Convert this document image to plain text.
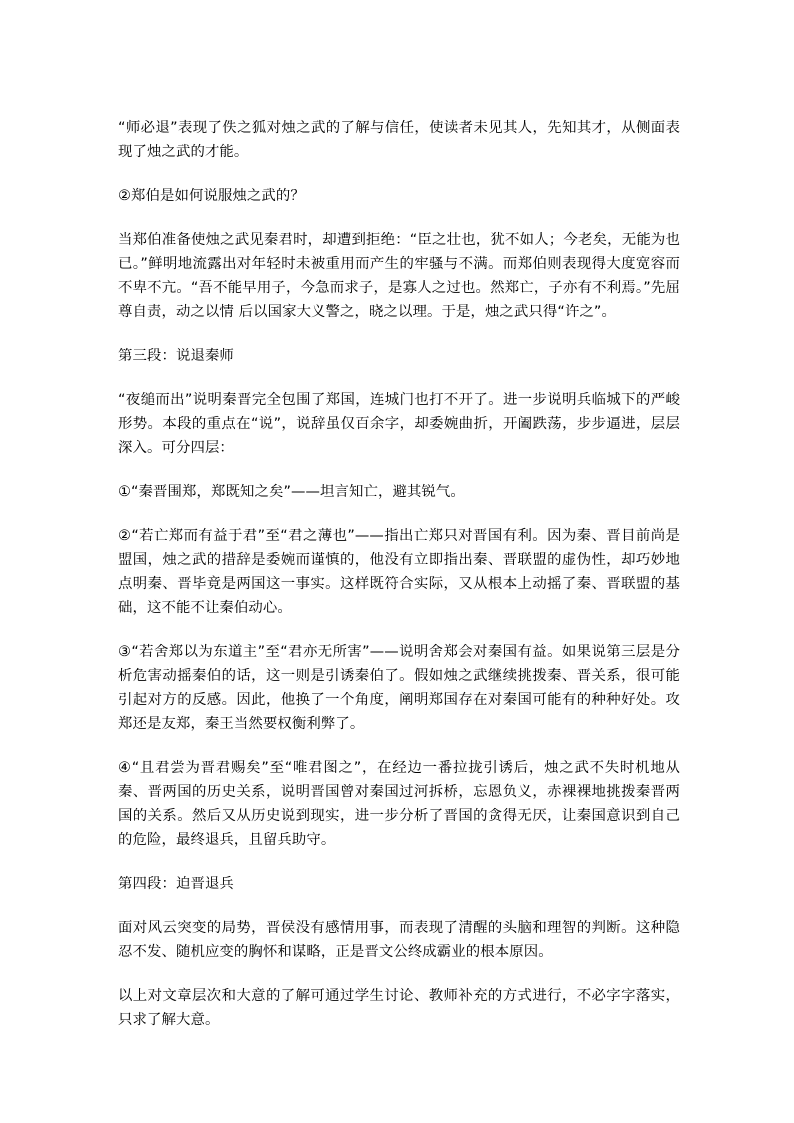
“师必退”表现了佚之狐对烛之武的了解与信任，使读者未见其人，先知其才，从侧面表现了烛之武的才能。

②郑伯是如何说服烛之武的？

当郑伯准备使烛之武见秦君时，却遭到拒绝：“臣之壮也，犹不如人；今老矣，无能为也已。”鲜明地流露出对年轻时未被重用而产生的牢骚与不满。而郑伯则表现得大度宽容而不卑不亢。“吾不能早用子，今急而求子，是寡人之过也。然郑亡，子亦有不利焉。”先屈尊自责，动之以情 后以国家大义警之，晓之以理。于是，烛之武只得“许之”。

第三段：说退秦师

“夜缒而出”说明秦晋完全包围了郑国，连城门也打不开了。进一步说明兵临城下的严峻形势。本段的重点在“说”，说辞虽仅百余字，却委婉曲折，开阖跌荡，步步逼进，层层深入。可分四层：

①“秦晋围郑，郑既知之矣”——坦言知亡，避其锐气。

②“若亡郑而有益于君”至“君之薄也”——指出亡郑只对晋国有利。因为秦、晋目前尚是盟国，烛之武的措辞是委婉而谨慎的，他没有立即指出秦、晋联盟的虚伪性，却巧妙地点明秦、晋毕竟是两国这一事实。这样既符合实际，又从根本上动摇了秦、晋联盟的基础，这不能不让秦伯动心。

③“若舍郑以为东道主”至“君亦无所害”——说明舍郑会对秦国有益。如果说第三层是分析危害动摇秦伯的话，这一则是引诱秦伯了。假如烛之武继续挑拨秦、晋关系，很可能引起对方的反感。因此，他换了一个角度，阐明郑国存在对秦国可能有的种种好处。攻郑还是友郑，秦王当然要权衡利弊了。

④“且君尝为晋君赐矣”至“唯君图之”，在经边一番拉拢引诱后，烛之武不失时机地从秦、晋两国的历史关系，说明晋国曾对秦国过河拆桥，忘恩负义，赤裸裸地挑拨秦晋两国的关系。然后又从历史说到现实，进一步分析了晋国的贪得无厌，让秦国意识到自己的危险，最终退兵，且留兵助守。

第四段：迫晋退兵

面对风云突变的局势，晋侯没有感情用事，而表现了清醒的头脑和理智的判断。这种隐忍不发、随机应变的胸怀和谋略，正是晋文公终成霸业的根本原因。

以上对文章层次和大意的了解可通过学生讨论、教师补充的方式进行，不必字字落实，只求了解大意。
